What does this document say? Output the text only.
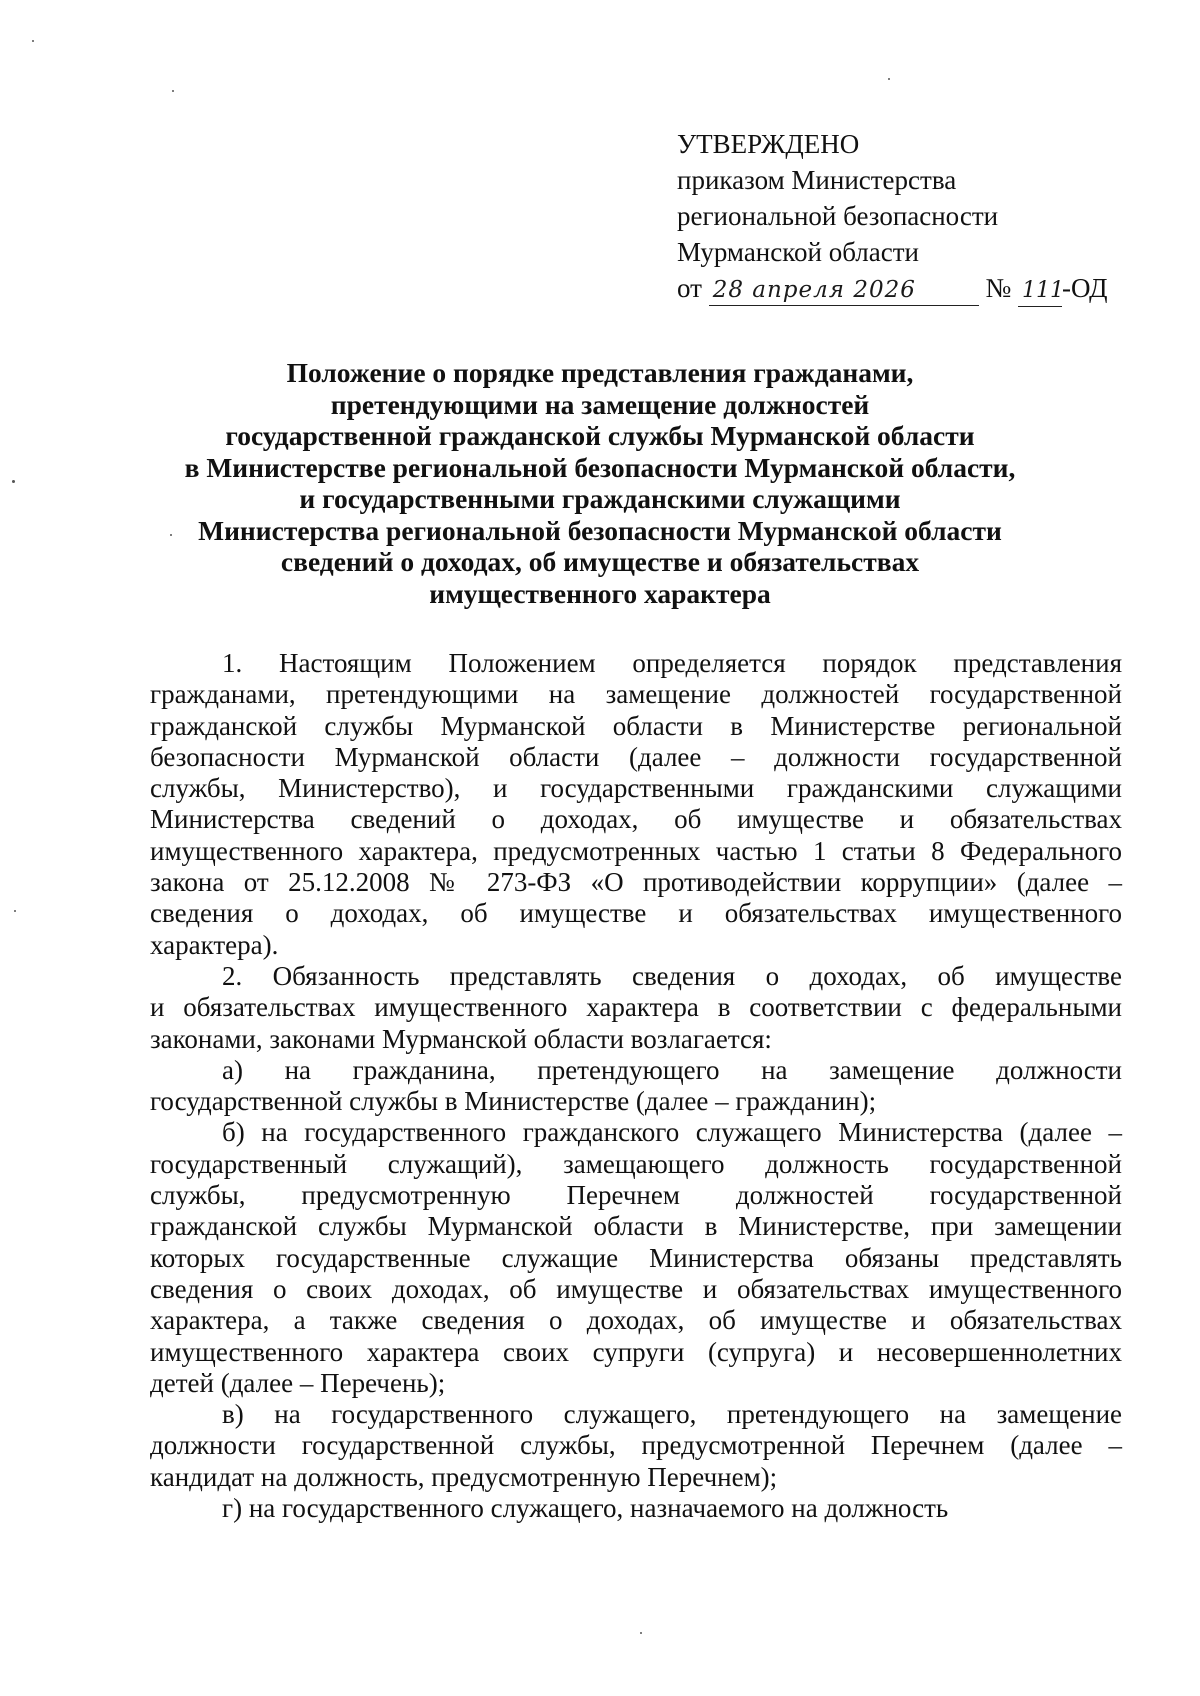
УТВЕРЖДЕНО
приказом Министерства
региональной безопасности
Мурманской области
от 28 апреля 2026	№ 111-ОД
Положение о порядке представления гражданами,
претендующими на замещение должностей
государственной гражданской службы Мурманской области
в Министерстве региональной безопасности Мурманской области,
и государственными гражданскими служащими
Министерства региональной безопасности Мурманской области
сведений о доходах, об имуществе и обязательствах
имущественного характера
1. Настоящим Положением определяется порядок представления
гражданами, претендующими на замещение должностей государственной
гражданской службы Мурманской области в Министерстве региональной
безопасности Мурманской области (далее – должности государственной
службы, Министерство), и государственными гражданскими служащими
Министерства сведений о доходах, об имуществе и обязательствах
имущественного характера, предусмотренных частью 1 статьи 8 Федерального
закона от 25.12.2008 № 273-ФЗ «О противодействии коррупции» (далее –
сведения о доходах, об имуществе и обязательствах имущественного
характера).
2. Обязанность представлять сведения о доходах, об имуществе
и обязательствах имущественного характера в соответствии с федеральными
законами, законами Мурманской области возлагается:
а) на гражданина, претендующего на замещение должности
государственной службы в Министерстве (далее – гражданин);
б) на государственного гражданского служащего Министерства (далее –
государственный служащий), замещающего должность государственной
службы, предусмотренную Перечнем должностей государственной
гражданской службы Мурманской области в Министерстве, при замещении
которых государственные служащие Министерства обязаны представлять
сведения о своих доходах, об имуществе и обязательствах имущественного
характера, а также сведения о доходах, об имуществе и обязательствах
имущественного характера своих супруги (супруга) и несовершеннолетних
детей (далее – Перечень);
в) на государственного служащего, претендующего на замещение
должности государственной службы, предусмотренной Перечнем (далее –
кандидат на должность, предусмотренную Перечнем);
г) на государственного служащего, назначаемого на должность
